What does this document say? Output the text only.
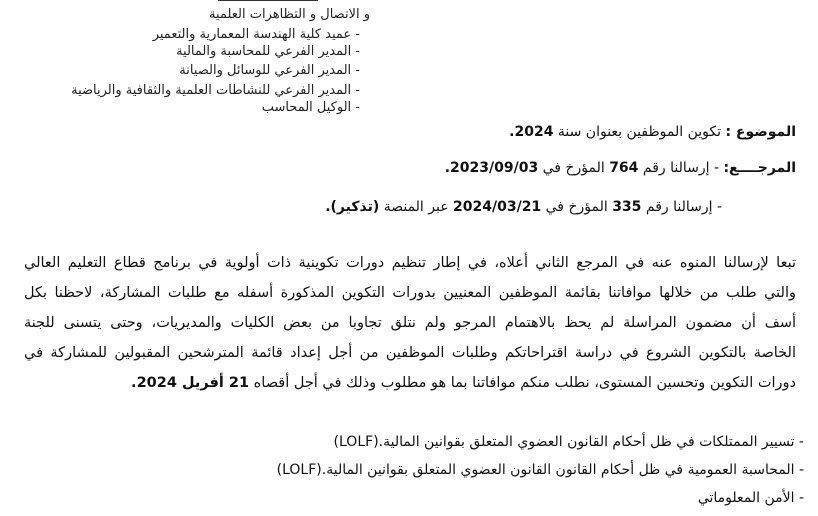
و الاتصال و التظاهرات العلمية
- عميد كلية الهندسة المعمارية والتعمير
- المدير الفرعي للمحاسبة والمالية
- المدير الفرعي للوسائل والصيانة
- المدير الفرعي للنشاطات العلمية والثقافية والرياضية
- الوكيل المحاسب
الموضوع : تكوين الموظفين بعنوان سنة 2024.
المرجــــع: - إرسالنا رقم 764 المؤرخ في 2023/09/03.
- إرسالنا رقم 335 المؤرخ في 2024/03/21 عبر المنصة (تذكير).
تبعا لإرسالنا المنوه عنه في المرجع الثاني أعلاه، في إطار تنظيم دورات تكوينية ذات أولوية في برنامج قطاع التعليم العالي
والتي طلب من خلالها موافاتنا بقائمة الموظفين المعنيين بدورات التكوين المذكورة أسفله مع طلبات المشاركة، لاحظنا بكل
أسف أن مضمون المراسلة لم يحظ بالاهتمام المرجو ولم نتلق تجاوبا من بعض الكليات والمديريات، وحتى يتسنى للجنة
الخاصة بالتكوين الشروع في دراسة اقتراحاتكم وطلبات الموظفين من أجل إعداد قائمة المترشحين المقبولين للمشاركة في
دورات التكوين وتحسين المستوى، نطلب منكم موافاتنا بما هو مطلوب وذلك في أجل أقصاه 21 أفريل 2024.
- تسيير الممتلكات في ظل أحكام القانون العضوي المتعلق بقوانين المالية.(LOLF)
- المحاسبة العمومية في ظل أحكام القانون القانون العضوي المتعلق بقوانين المالية.(LOLF)
- الأمن المعلوماتي
